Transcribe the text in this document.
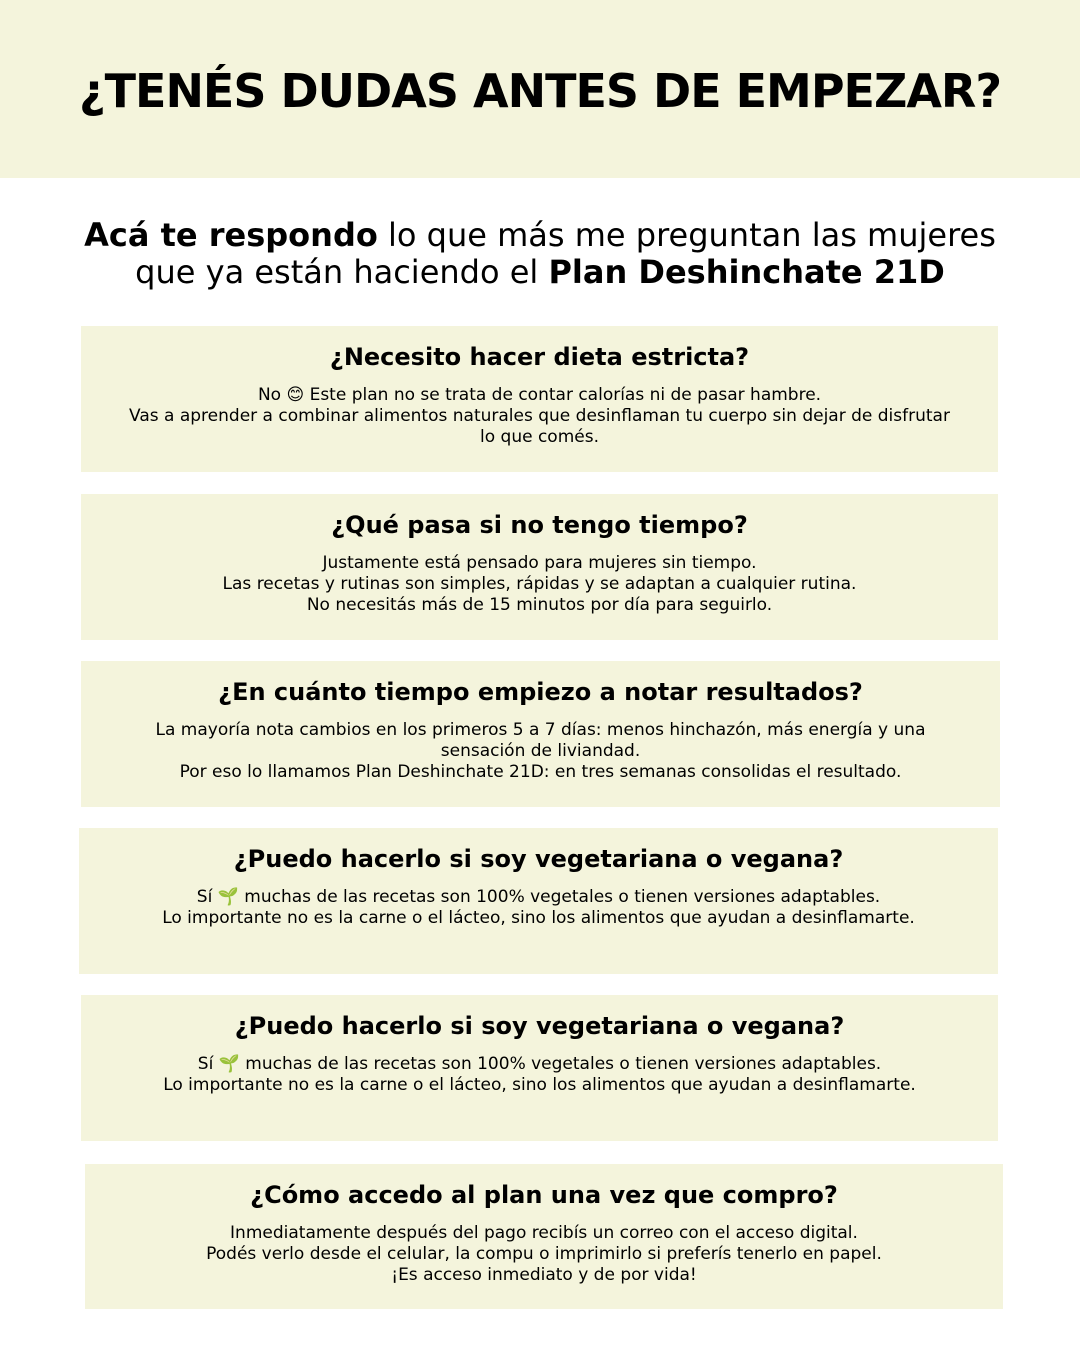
¿TENÉS DUDAS ANTES DE EMPEZAR?

Acá te respondo lo que más me preguntan las mujeres
que ya están haciendo el Plan Deshinchate 21D

¿Necesito hacer dieta estricta?
No 😊 Este plan no se trata de contar calorías ni de pasar hambre.
Vas a aprender a combinar alimentos naturales que desinflaman tu cuerpo sin dejar de disfrutar
lo que comés.
¿Qué pasa si no tengo tiempo?
Justamente está pensado para mujeres sin tiempo.
Las recetas y rutinas son simples, rápidas y se adaptan a cualquier rutina.
No necesitás más de 15 minutos por día para seguirlo.
¿En cuánto tiempo empiezo a notar resultados?
La mayoría nota cambios en los primeros 5 a 7 días: menos hinchazón, más energía y una
sensación de liviandad.
Por eso lo llamamos Plan Deshinchate 21D: en tres semanas consolidas el resultado.
¿Puedo hacerlo si soy vegetariana o vegana?
Sí 🌱 muchas de las recetas son 100% vegetales o tienen versiones adaptables.
Lo importante no es la carne o el lácteo, sino los alimentos que ayudan a desinflamarte.
¿Puedo hacerlo si soy vegetariana o vegana?
Sí 🌱 muchas de las recetas son 100% vegetales o tienen versiones adaptables.
Lo importante no es la carne o el lácteo, sino los alimentos que ayudan a desinflamarte.
¿Cómo accedo al plan una vez que compro?
Inmediatamente después del pago recibís un correo con el acceso digital.
Podés verlo desde el celular, la compu o imprimirlo si preferís tenerlo en papel.
¡Es acceso inmediato y de por vida!
